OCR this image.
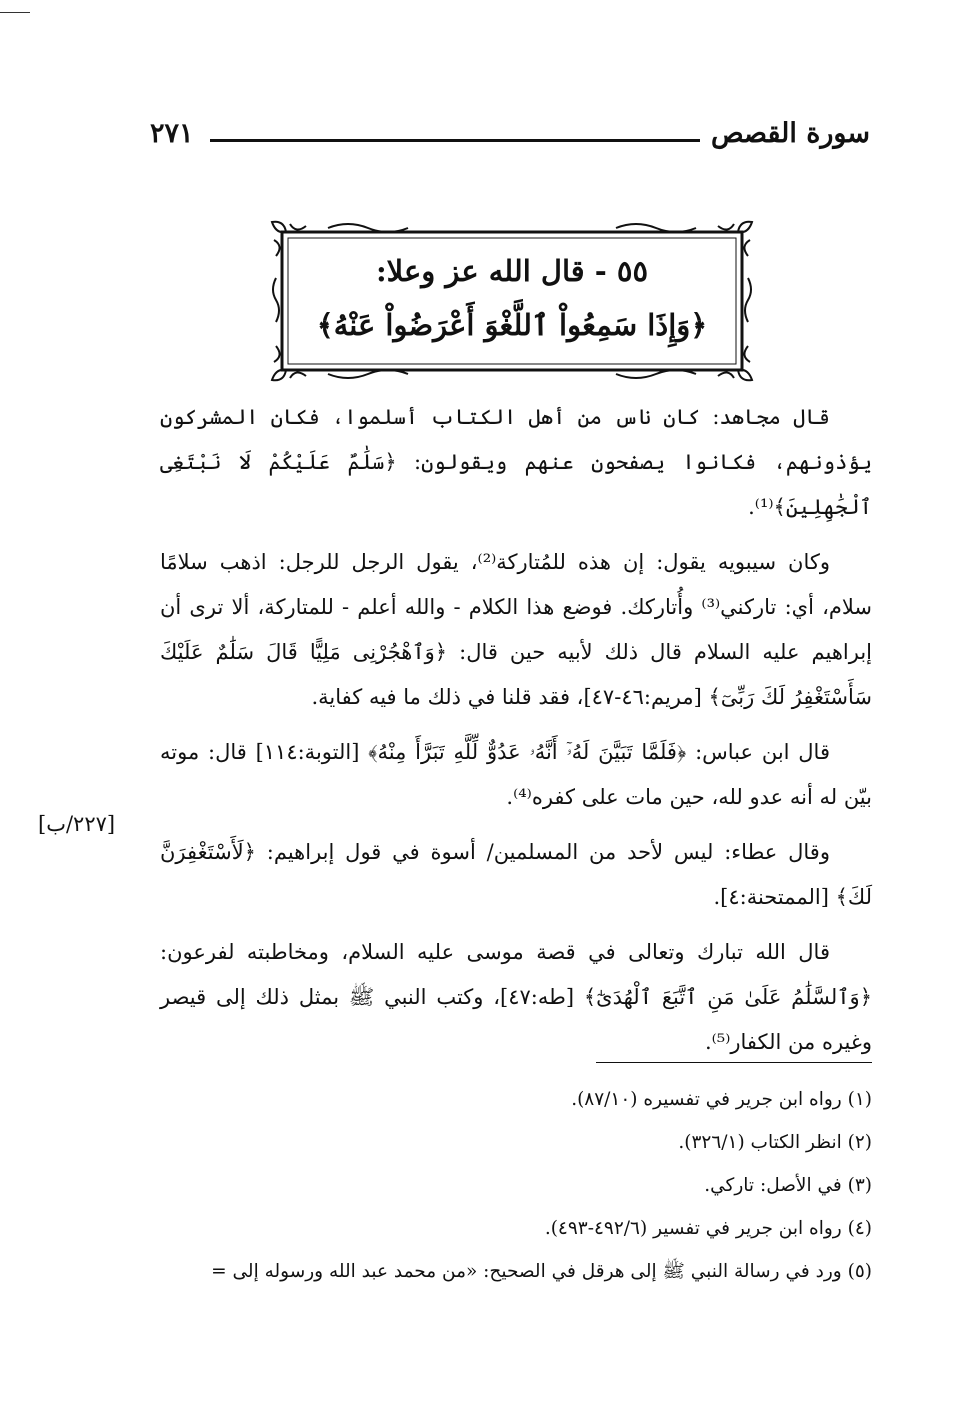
سورة القصص
٢٧١
٥٥ - قال الله عز وعلا:
﴿وَإِذَا سَمِعُواْ ٱللَّغْوَ أَعْرَضُواْ عَنْهُ﴾

قال مجاهد: كان ناس من أهل الكتاب أسلموا، فكان المشركون يؤذونهم، فكانوا يصفحون عنهم ويقولون: ﴿سَلَٰمٌ عَلَيْكُمْ لَا نَبْتَغِى ٱلْجَٰهِلِينَ﴾⁽¹⁾.

وكان سيبويه يقول: إن هذه للمُتاركة⁽²⁾، يقول الرجل للرجل: اذهب سلامًا سلام، أي: تاركني⁽³⁾ وأُتاركك. فوضع هذا الكلام - والله أعلم - للمتاركة، ألا ترى أن إبراهيم عليه السلام قال ذلك لأبيه حين قال: ﴿وَٱهْجُرْنِى مَلِيًّا قَالَ سَلَٰمٌ عَلَيْكَ سَأَسْتَغْفِرُ لَكَ رَبِّىٓ﴾ [مريم:٤٦-٤٧]، فقد قلنا في ذلك ما فيه كفاية.

قال ابن عباس: ﴿فَلَمَّا تَبَيَّنَ لَهُۥٓ أَنَّهُۥ عَدُوٌّ لِّلَّهِ تَبَرَّأَ مِنْهُ﴾ [التوبة:١١٤] قال: موته بيّن له أنه عدو لله، حين مات على كفره⁽⁴⁾.

وقال عطاء: ليس لأحد من المسلمين/ أسوة في قول إبراهيم: ﴿لَأَسْتَغْفِرَنَّ لَكَ﴾ [الممتحنة:٤].

قال الله تبارك وتعالى في قصة موسى عليه السلام، ومخاطبته لفرعون: ﴿وَٱلسَّلَٰمُ عَلَىٰ مَنِ ٱتَّبَعَ ٱلْهُدَىٰٓ﴾ [طه:٤٧]، وكتب النبي ﷺ بمثل ذلك إلى قيصر وغيره من الكفار⁽⁵⁾.

[٢٢٧/ب]
(١) رواه ابن جرير في تفسيره (٨٧/١٠).
(٢) انظر الكتاب (٣٢٦/١).
(٣) في الأصل: تاركي.
(٤) رواه ابن جرير في تفسير (٤٩٢/٦-٤٩٣).
(٥) ورد في رسالة النبي ﷺ إلى هرقل في الصحيح: «من محمد عبد الله ورسوله إلى =
